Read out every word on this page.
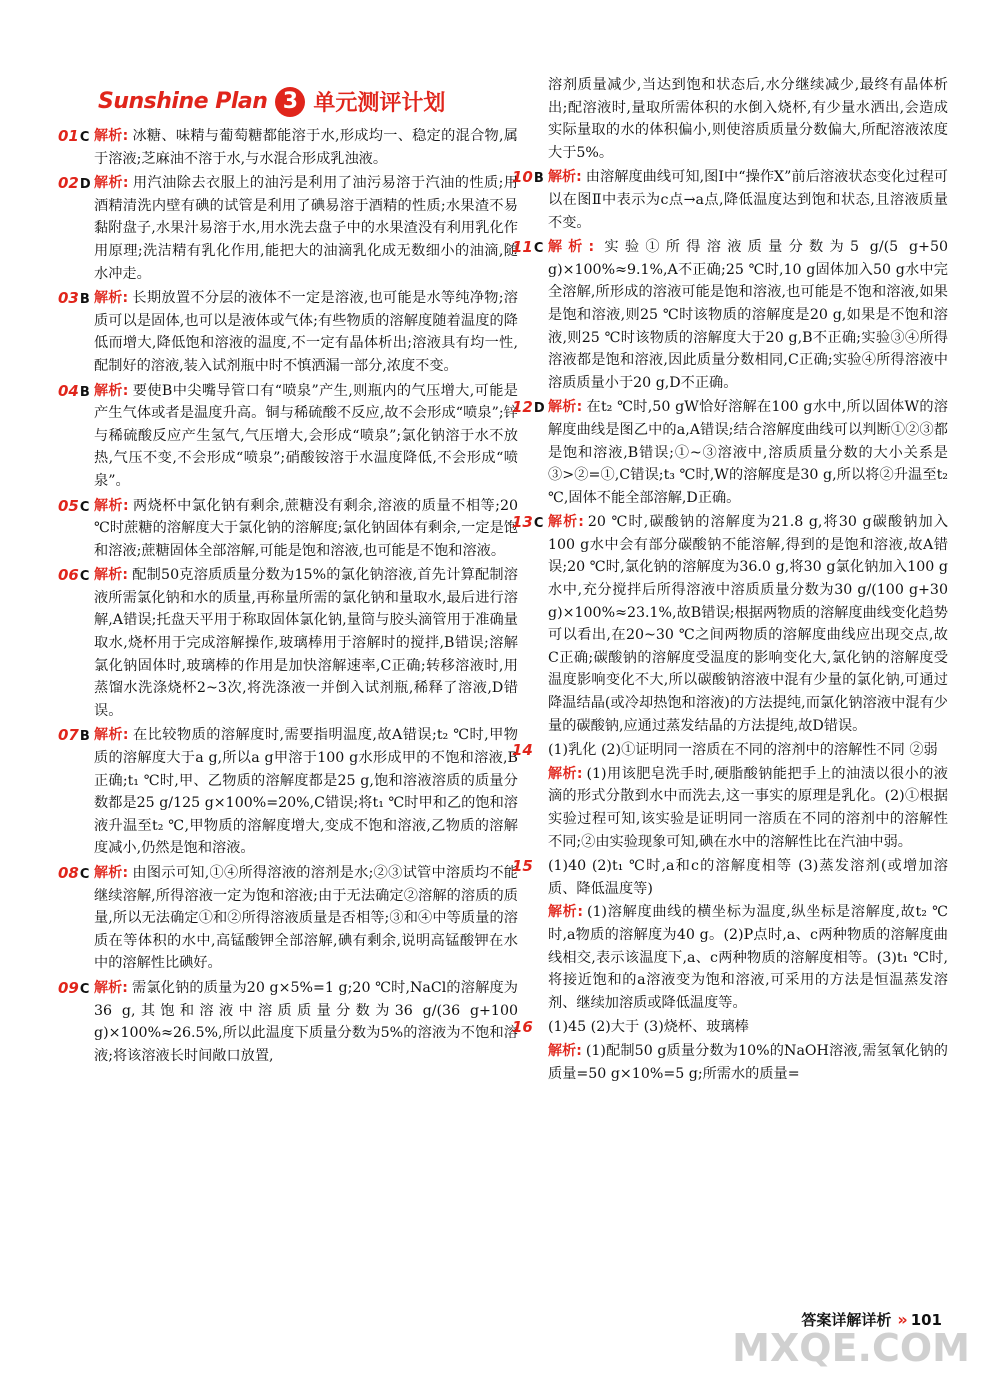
Sunshine Plan 3 单元测评计划
01C 解析: 冰糖、味精与葡萄糖都能溶于水,形成均一、稳定的混合物,属于溶液;芝麻油不溶于水,与水混合形成乳浊液。
02D 解析: 用汽油除去衣服上的油污是利用了油污易溶于汽油的性质;用酒精清洗内壁有碘的试管是利用了碘易溶于酒精的性质;水果渣不易黏附盘子,水果汁易溶于水,用水洗去盘子中的水果渣没有利用乳化作用原理;洗洁精有乳化作用,能把大的油滴乳化成无数细小的油滴,随水冲走。
03B 解析: 长期放置不分层的液体不一定是溶液,也可能是水等纯净物;溶质可以是固体,也可以是液体或气体;有些物质的溶解度随着温度的降低而增大,降低饱和溶液的温度,不一定有晶体析出;溶液具有均一性,配制好的溶液,装入试剂瓶中时不慎洒漏一部分,浓度不变。
04B 解析: 要使B中尖嘴导管口有“喷泉”产生,则瓶内的气压增大,可能是产生气体或者是温度升高。铜与稀硫酸不反应,故不会形成“喷泉”;锌与稀硫酸反应产生氢气,气压增大,会形成“喷泉”;氯化钠溶于水不放热,气压不变,不会形成“喷泉”;硝酸铵溶于水温度降低,不会形成“喷泉”。
05C 解析: 两烧杯中氯化钠有剩余,蔗糖没有剩余,溶液的质量不相等;20 ℃时蔗糖的溶解度大于氯化钠的溶解度;氯化钠固体有剩余,一定是饱和溶液;蔗糖固体全部溶解,可能是饱和溶液,也可能是不饱和溶液。
06C 解析: 配制50克溶质质量分数为15%的氯化钠溶液,首先计算配制溶液所需氯化钠和水的质量,再称量所需的氯化钠和量取水,最后进行溶解,A错误;托盘天平用于称取固体氯化钠,量筒与胶头滴管用于准确量取水,烧杯用于完成溶解操作,玻璃棒用于溶解时的搅拌,B错误;溶解氯化钠固体时,玻璃棒的作用是加快溶解速率,C正确;转移溶液时,用蒸馏水洗涤烧杯2~3次,将洗涤液一并倒入试剂瓶,稀释了溶液,D错误。
07B 解析: 在比较物质的溶解度时,需要指明温度,故A错误;t₂ ℃时,甲物质的溶解度大于a g,所以a g甲溶于100 g水形成甲的不饱和溶液,B正确;t₁ ℃时,甲、乙物质的溶解度都是25 g,饱和溶液溶质的质量分数都是25 g/125 g×100%=20%,C错误;将t₁ ℃时甲和乙的饱和溶液升温至t₂ ℃,甲物质的溶解度增大,变成不饱和溶液,乙物质的溶解度减小,仍然是饱和溶液。
08C 解析: 由图示可知,①④所得溶液的溶剂是水;②③试管中溶质均不能继续溶解,所得溶液一定为饱和溶液;由于无法确定②溶解的溶质的质量,所以无法确定①和②所得溶液质量是否相等;③和④中等质量的溶质在等体积的水中,高锰酸钾全部溶解,碘有剩余,说明高锰酸钾在水中的溶解性比碘好。
09C 解析: 需氯化钠的质量为20 g×5%=1 g;20 ℃时,NaCl的溶解度为36 g,其饱和溶液中溶质质量分数为36 g/(36 g+100 g)×100%≈26.5%,所以此温度下质量分数为5%的溶液为不饱和溶液;将该溶液长时间敞口放置,
溶剂质量减少,当达到饱和状态后,水分继续减少,最终有晶体析出;配溶液时,量取所需体积的水倒入烧杯,有少量水洒出,会造成实际量取的水的体积偏小,则使溶质质量分数偏大,所配溶液浓度大于5%。
10B 解析: 由溶解度曲线可知,图Ⅰ中“操作X”前后溶液状态变化过程可以在图Ⅱ中表示为c点→a点,降低温度达到饱和状态,且溶液质量不变。
11C 解析: 实验①所得溶液质量分数为5 g/(5 g+50 g)×100%≈9.1%,A不正确;25 ℃时,10 g固体加入50 g水中完全溶解,所形成的溶液可能是饱和溶液,也可能是不饱和溶液,如果是饱和溶液,则25 ℃时该物质的溶解度是20 g,如果是不饱和溶液,则25 ℃时该物质的溶解度大于20 g,B不正确;实验③④所得溶液都是饱和溶液,因此质量分数相同,C正确;实验④所得溶液中溶质质量小于20 g,D不正确。
12D 解析: 在t₂ ℃时,50 gW恰好溶解在100 g水中,所以固体W的溶解度曲线是图乙中的a,A错误;结合溶解度曲线可以判断①②③都是饱和溶液,B错误;①~③溶液中,溶质质量分数的大小关系是③>②=①,C错误;t₃ ℃时,W的溶解度是30 g,所以将②升温至t₂ ℃,固体不能全部溶解,D正确。
13C 解析: 20 ℃时,碳酸钠的溶解度为21.8 g,将30 g碳酸钠加入100 g水中会有部分碳酸钠不能溶解,得到的是饱和溶液,故A错误;20 ℃时,氯化钠的溶解度为36.0 g,将30 g氯化钠加入100 g水中,充分搅拌后所得溶液中溶质质量分数为30 g/(100 g+30 g)×100%≈23.1%,故B错误;根据两物质的溶解度曲线变化趋势可以看出,在20~30 ℃之间两物质的溶解度曲线应出现交点,故C正确;碳酸钠的溶解度受温度的影响变化大,氯化钠的溶解度受温度影响变化不大,所以碳酸钠溶液中混有少量的氯化钠,可通过降温结晶(或冷却热饱和溶液)的方法提纯,而氯化钠溶液中混有少量的碳酸钠,应通过蒸发结晶的方法提纯,故D错误。
14 (1)乳化 (2)①证明同一溶质在不同的溶剂中的溶解性不同 ②弱
解析: (1)用该肥皂洗手时,硬脂酸钠能把手上的油渍以很小的液滴的形式分散到水中而洗去,这一事实的原理是乳化。(2)①根据实验过程可知,该实验是证明同一溶质在不同的溶剂中的溶解性不同;②由实验现象可知,碘在水中的溶解性比在汽油中弱。
15 (1)40 (2)t₁ ℃时,a和c的溶解度相等 (3)蒸发溶剂(或增加溶质、降低温度等)
解析: (1)溶解度曲线的横坐标为温度,纵坐标是溶解度,故t₂ ℃时,a物质的溶解度为40 g。(2)P点时,a、c两种物质的溶解度曲线相交,表示该温度下,a、c两种物质的溶解度相等。(3)t₁ ℃时,将接近饱和的a溶液变为饱和溶液,可采用的方法是恒温蒸发溶剂、继续加溶质或降低温度等。
16 (1)45 (2)大于 (3)烧杯、玻璃棒
解析: (1)配制50 g质量分数为10%的NaOH溶液,需氢氧化钠的质量=50 g×10%=5 g;所需水的质量=
答案详解详析 » 101
MXQE.COM
